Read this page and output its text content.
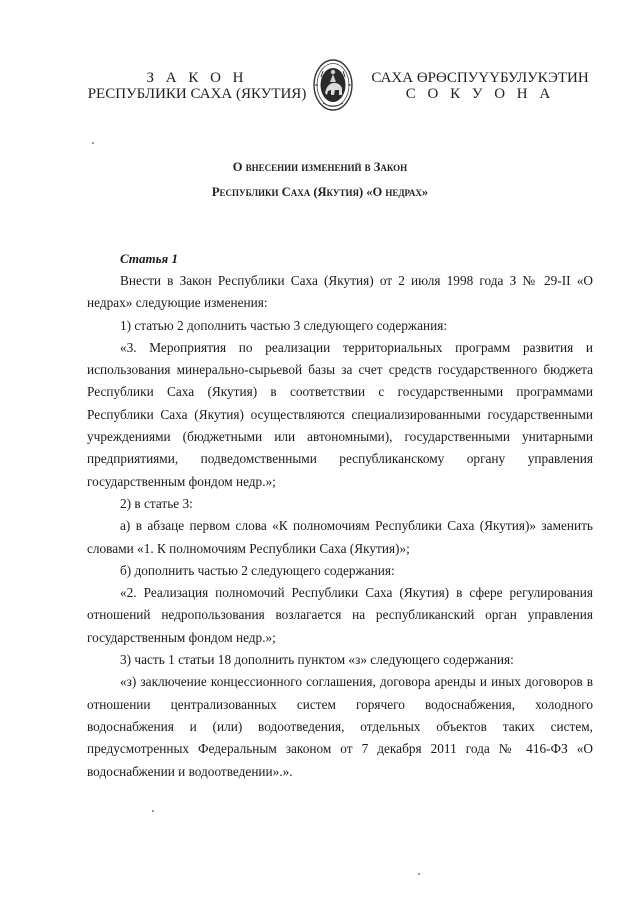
З А К О Н
РЕСПУБЛИКИ САХА (ЯКУТИЯ)
САХА ӨРӨСПУҮҮБУЛУКЭТИН
С О К У О Н А
О внесении изменений в Закон
Республики Саха (Якутия) «О недрах»
Статья 1

Внести в Закон Республики Саха (Якутия) от 2 июля 1998 года З № 29-II «О недрах» следующие изменения:

1) статью 2 дополнить частью 3 следующего содержания:

«3. Мероприятия по реализации территориальных программ развития и использования минерально-сырьевой базы за счет средств государственного бюджета Республики Саха (Якутия) в соответствии с государственными программами Республики Саха (Якутия) осуществляются специализированными государственными учреждениями (бюджетными или автономными), государственными унитарными предприятиями, подведомственными республиканскому органу управления государственным фондом недр.»;

2) в статье 3:

а) в абзаце первом слова «К полномочиям Республики Саха (Якутия)» заменить словами «1. К полномочиям Республики Саха (Якутия)»;

б) дополнить частью 2 следующего содержания:

«2. Реализация полномочий Республики Саха (Якутия) в сфере регулирования отношений недропользования возлагается на республиканский орган управления государственным фондом недр.»;

3) часть 1 статьи 18 дополнить пунктом «з» следующего содержания:

«з) заключение концессионного соглашения, договора аренды и иных договоров в отношении централизованных систем горячего водоснабжения, холодного водоснабжения и (или) водоотведения, отдельных объектов таких систем, предусмотренных Федеральным законом от 7 декабря 2011 года № 416-ФЗ «О водоснабжении и водоотведении».».
